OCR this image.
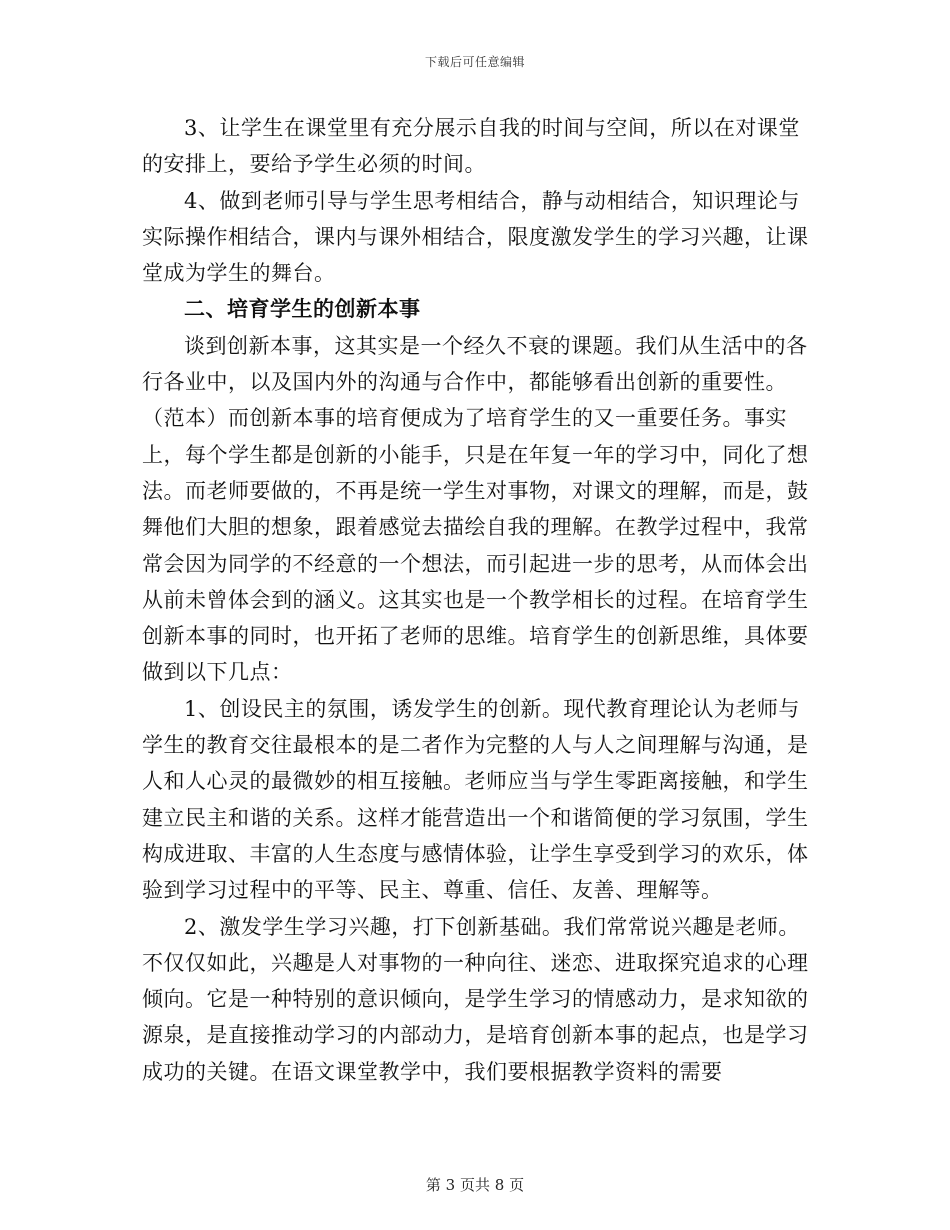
下载后可任意编辑

3、让学生在课堂里有充分展示自我的时间与空间，所以在对课堂的安排上，要给予学生必须的时间。

4、做到老师引导与学生思考相结合，静与动相结合，知识理论与实际操作相结合，课内与课外相结合，限度激发学生的学习兴趣，让课堂成为学生的舞台。

二、培育学生的创新本事

谈到创新本事，这其实是一个经久不衰的课题。我们从生活中的各行各业中，以及国内外的沟通与合作中，都能够看出创新的重要性。（范本）而创新本事的培育便成为了培育学生的又一重要任务。事实上，每个学生都是创新的小能手，只是在年复一年的学习中，同化了想法。而老师要做的，不再是统一学生对事物，对课文的理解，而是，鼓舞他们大胆的想象，跟着感觉去描绘自我的理解。在教学过程中，我常常会因为同学的不经意的一个想法，而引起进一步的思考，从而体会出从前未曾体会到的涵义。这其实也是一个教学相长的过程。在培育学生创新本事的同时，也开拓了老师的思维。培育学生的创新思维，具体要做到以下几点：

1、创设民主的氛围，诱发学生的创新。现代教育理论认为老师与学生的教育交往最根本的是二者作为完整的人与人之间理解与沟通，是人和人心灵的最微妙的相互接触。老师应当与学生零距离接触，和学生建立民主和谐的关系。这样才能营造出一个和谐简便的学习氛围，学生构成进取、丰富的人生态度与感情体验，让学生享受到学习的欢乐，体验到学习过程中的平等、民主、尊重、信任、友善、理解等。

2、激发学生学习兴趣，打下创新基础。我们常常说兴趣是老师。不仅仅如此，兴趣是人对事物的一种向往、迷恋、进取探究追求的心理倾向。它是一种特别的意识倾向，是学生学习的情感动力，是求知欲的源泉，是直接推动学习的内部动力，是培育创新本事的起点，也是学习成功的关键。在语文课堂教学中，我们要根据教学资料的需要

第 3 页共 8 页
